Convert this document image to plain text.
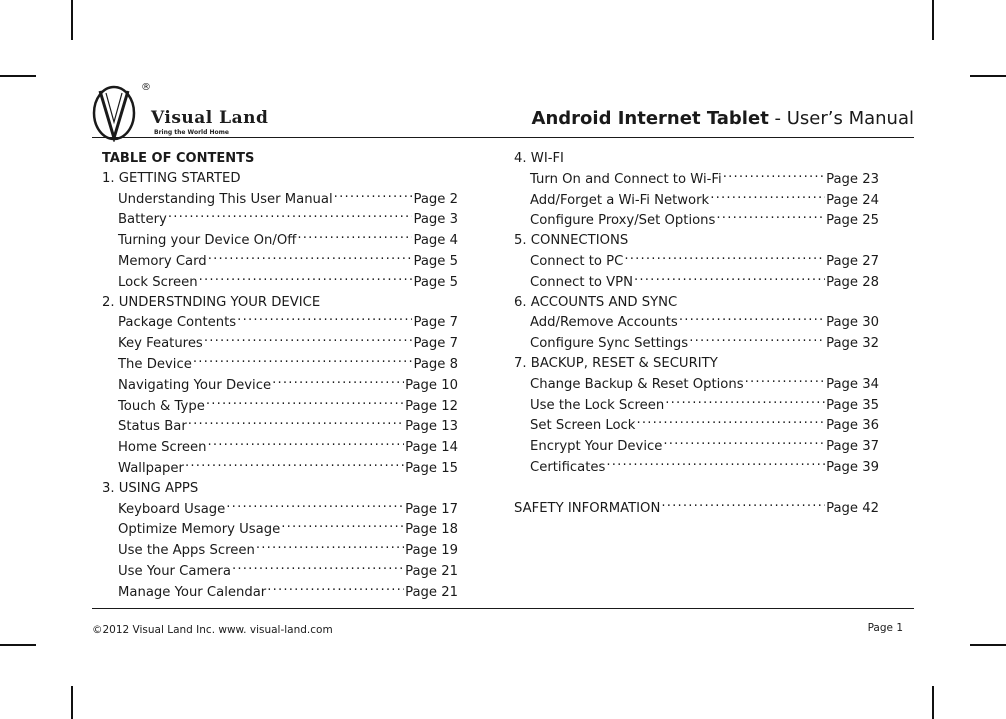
®
Visual Land
Bring the World Home
Android Internet Tablet - User’s Manual
TABLE OF CONTENTS
1. GETTING STARTED
Understanding This User Manual .....	Page 2
Battery .....	Page 3
Turning your Device On/Off .....	Page 4
Memory Card .....	Page 5
Lock Screen .....	Page 5
2. UNDERSTNDING YOUR DEVICE
Package Contents .....	Page 7
Key Features .....	Page 7
The Device .....	Page 8
Navigating Your Device .....	Page 10
Touch & Type .....	Page 12
Status Bar .....	Page 13
Home Screen .....	Page 14
Wallpaper .....	Page 15
3. USING APPS
Keyboard Usage .....	Page 17
Optimize Memory Usage .....	Page 18
Use the Apps Screen .....	Page 19
Use Your Camera .....	Page 21
Manage Your Calendar .....	Page 21
4. WI-FI
Turn On and Connect to Wi-Fi .....	Page 23
Add/Forget a Wi-Fi Network .....	Page 24
Configure Proxy/Set Options .....	Page 25
5. CONNECTIONS
Connect to PC .....	Page 27
Connect to VPN .....	Page 28
6. ACCOUNTS AND SYNC
Add/Remove Accounts .....	Page 30
Configure Sync Settings .....	Page 32
7. BACKUP, RESET & SECURITY
Change Backup & Reset Options .....	Page 34
Use the Lock Screen .....	Page 35
Set Screen Lock .....	Page 36
Encrypt Your Device .....	Page 37
Certificates .....	Page 39
SAFETY INFORMATION .....	Page 42
©2012 Visual Land Inc. www. visual-land.com	Page 1
